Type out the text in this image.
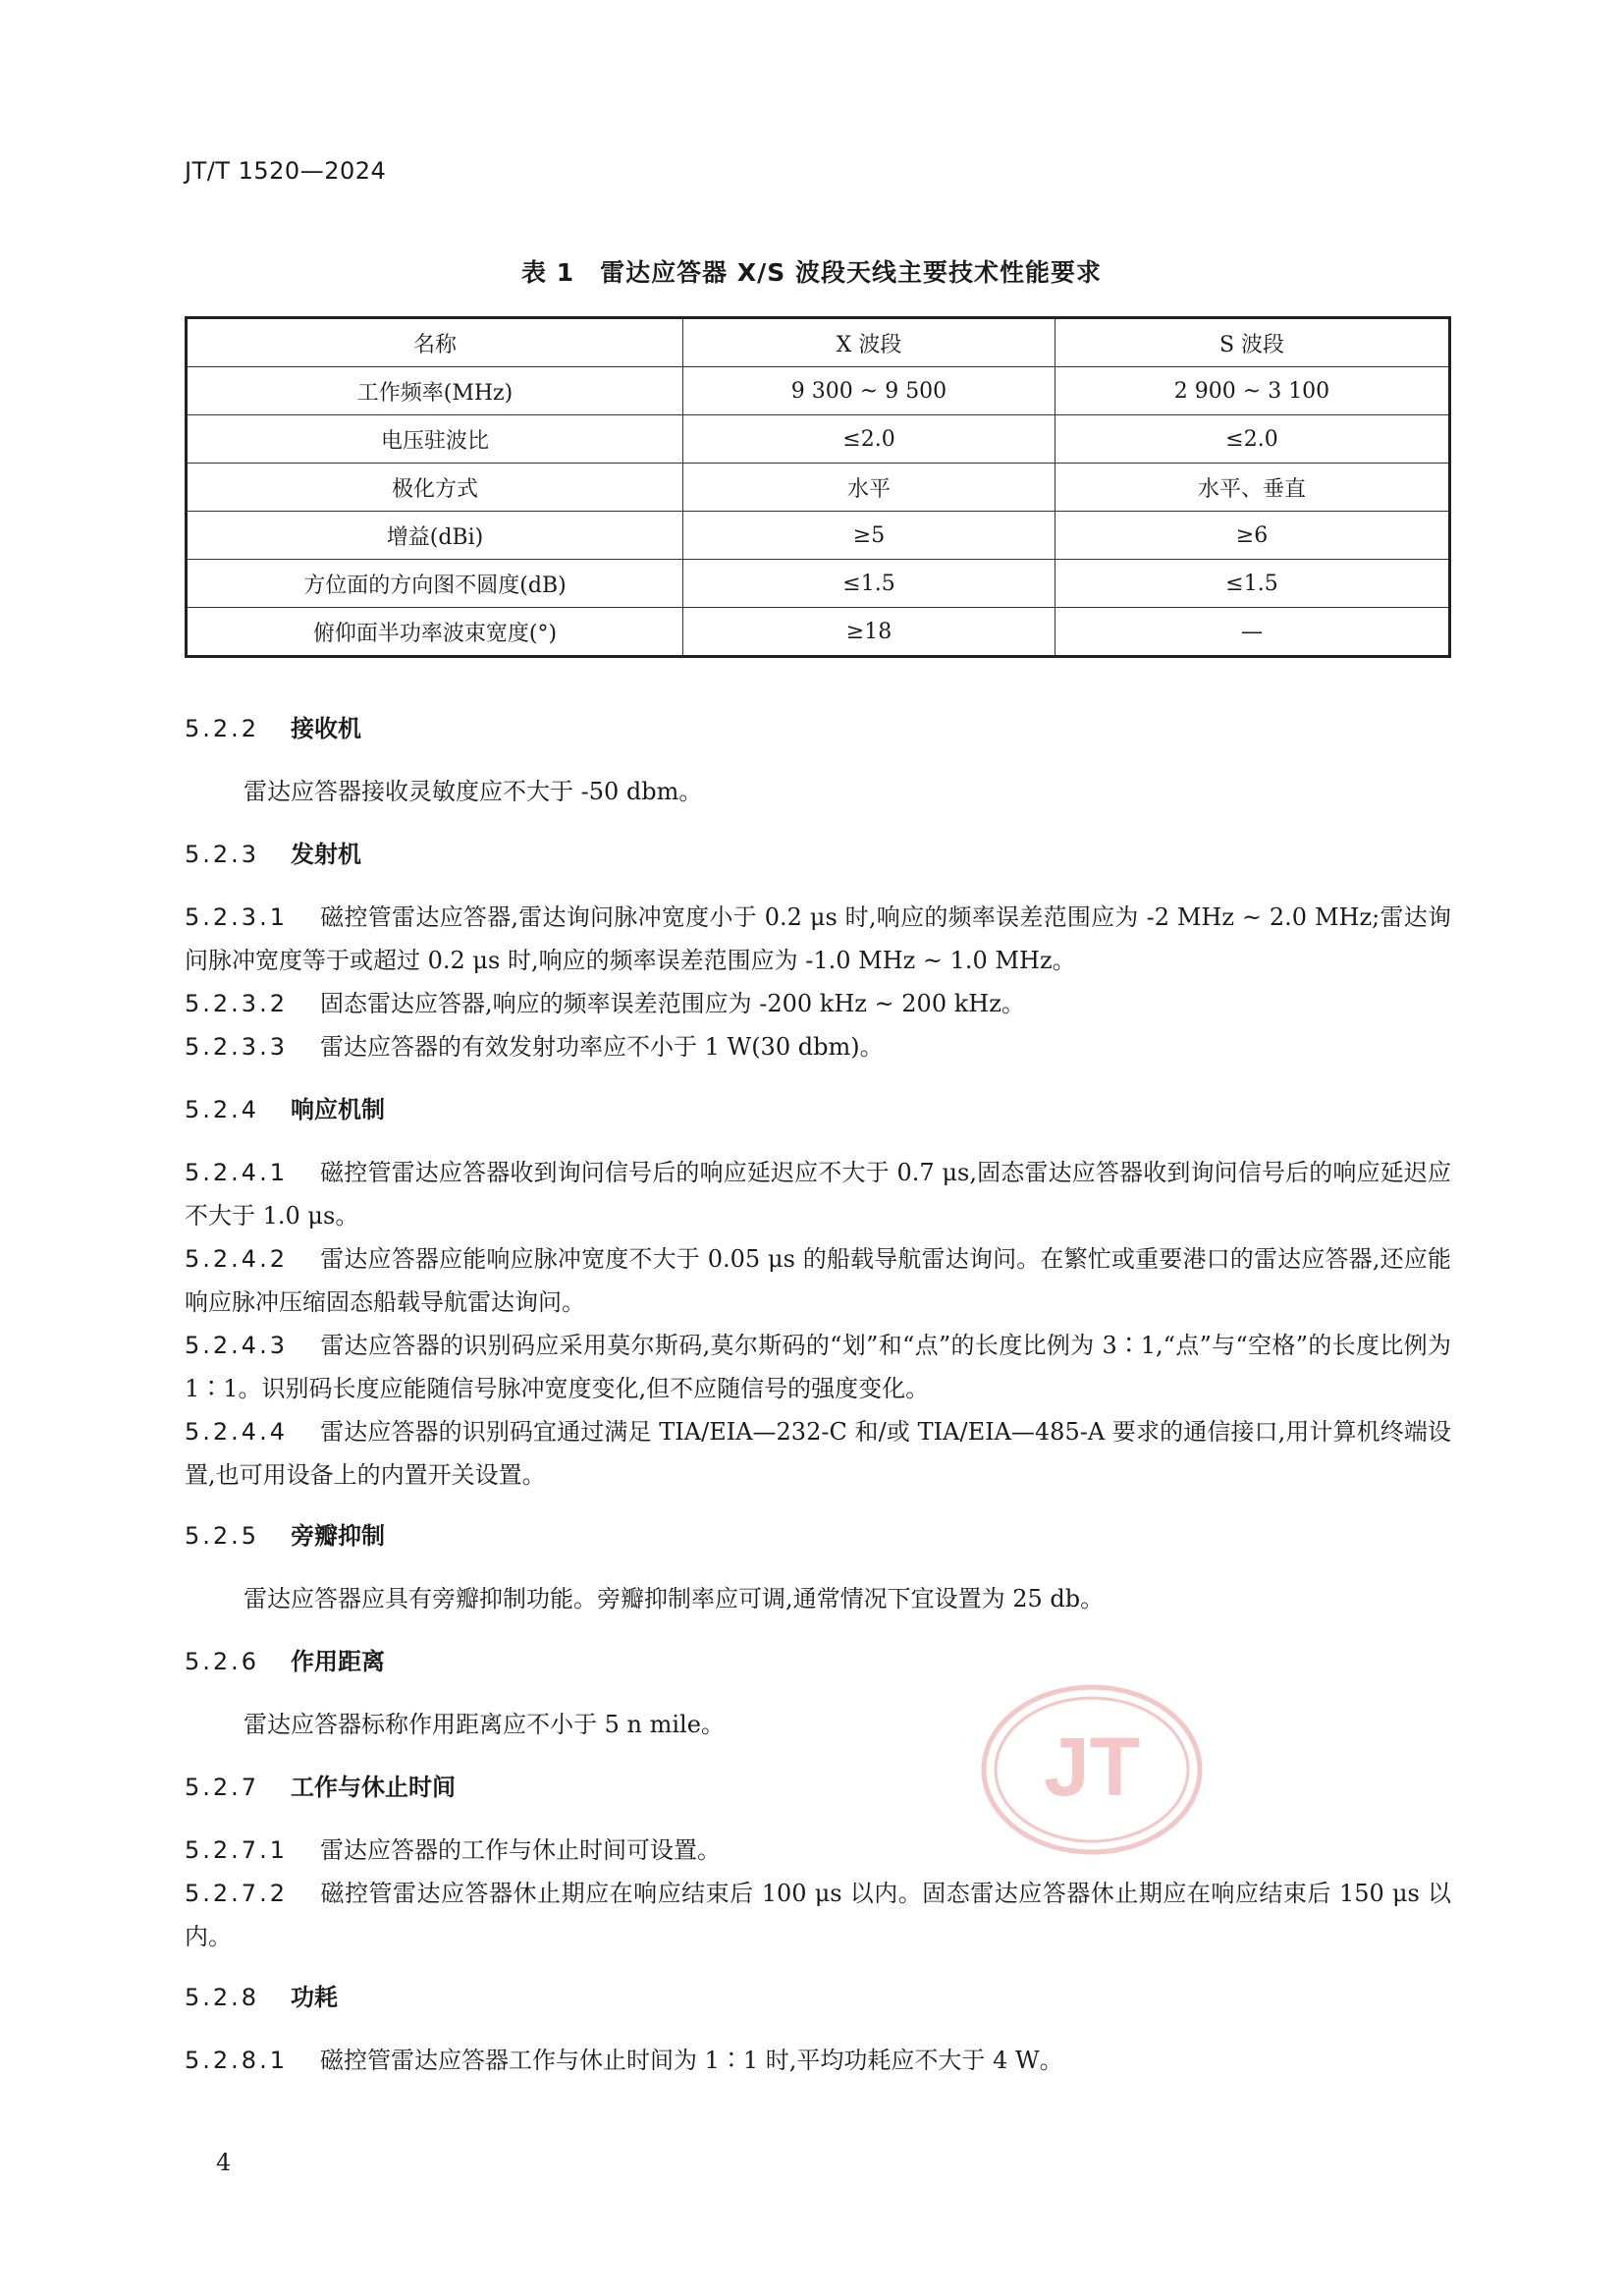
JT/T 1520—2024
表 1　雷达应答器 X/S 波段天线主要技术性能要求
名称	X 波段	S 波段
工作频率(MHz)	9 300 ~ 9 500	2 900 ~ 3 100
电压驻波比	≤2.0	≤2.0
极化方式	水平	水平、垂直
增益(dBi)	≥5	≥6
方位面的方向图不圆度(dB)	≤1.5	≤1.5
俯仰面半功率波束宽度(°)	≥18	—
5.2.2 接收机
雷达应答器接收灵敏度应不大于 -50 dbm。
5.2.3 发射机
5.2.3.1 磁控管雷达应答器,雷达询问脉冲宽度小于 0.2 μs 时,响应的频率误差范围应为 -2 MHz ~ 2.0 MHz;雷达询问脉冲宽度等于或超过 0.2 μs 时,响应的频率误差范围应为 -1.0 MHz ~ 1.0 MHz。
5.2.3.2 固态雷达应答器,响应的频率误差范围应为 -200 kHz ~ 200 kHz。
5.2.3.3 雷达应答器的有效发射功率应不小于 1 W(30 dbm)。
5.2.4 响应机制
5.2.4.1 磁控管雷达应答器收到询问信号后的响应延迟应不大于 0.7 μs,固态雷达应答器收到询问信号后的响应延迟应不大于 1.0 μs。
5.2.4.2 雷达应答器应能响应脉冲宽度不大于 0.05 μs 的船载导航雷达询问。在繁忙或重要港口的雷达应答器,还应能响应脉冲压缩固态船载导航雷达询问。
5.2.4.3 雷达应答器的识别码应采用莫尔斯码,莫尔斯码的“划”和“点”的长度比例为 3∶1,“点”与“空格”的长度比例为 1∶1。识别码长度应能随信号脉冲宽度变化,但不应随信号的强度变化。
5.2.4.4 雷达应答器的识别码宜通过满足 TIA/EIA—232-C 和/或 TIA/EIA—485-A 要求的通信接口,用计算机终端设置,也可用设备上的内置开关设置。
5.2.5 旁瓣抑制
雷达应答器应具有旁瓣抑制功能。旁瓣抑制率应可调,通常情况下宜设置为 25 db。
5.2.6 作用距离
雷达应答器标称作用距离应不小于 5 n mile。
5.2.7 工作与休止时间
5.2.7.1 雷达应答器的工作与休止时间可设置。
5.2.7.2 磁控管雷达应答器休止期应在响应结束后 100 μs 以内。固态雷达应答器休止期应在响应结束后 150 μs 以内。
5.2.8 功耗
5.2.8.1 磁控管雷达应答器工作与休止时间为 1∶1 时,平均功耗应不大于 4 W。
4
JT
